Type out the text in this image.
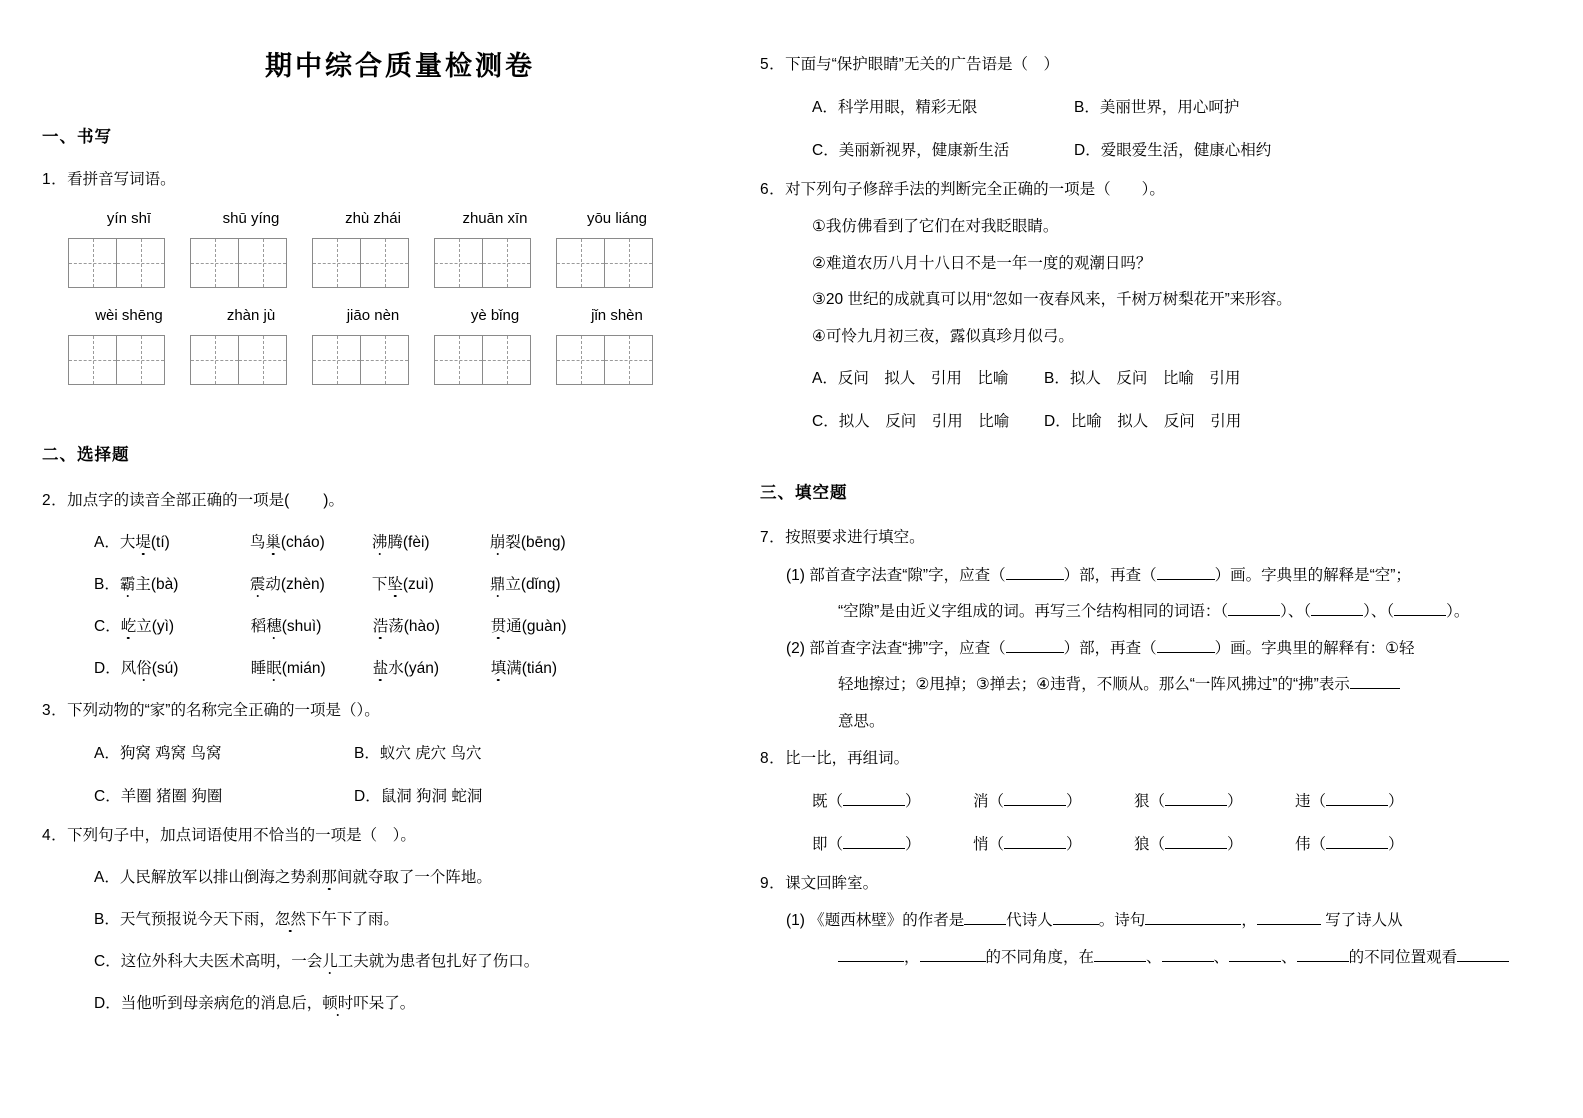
期中综合质量检测卷
一、书写
1．看拼音写词语。
yín shī	shū yíng	zhù zhái	zhuān xīn	yōu liáng
wèi shēng	zhàn jù	jiāo nèn	yè bǐng	jǐn shèn
二、选择题
2．加点字的读音全部正确的一项是( )。
A．大堤(tí)	鸟巢(cháo)	沸腾(fèi)	崩裂(bēng)
B．霸主(bà)	震动(zhèn)	下坠(zuì)	鼎立(dǐng)
C．屹立(yì)	稻穗(shuì)	浩荡(hào)	贯通(guàn)
D．风俗(sú)	睡眠(mián)	盐水(yán)	填满(tián)
3．下列动物的“家”的名称完全正确的一项是（）。
A．狗窝 鸡窝 鸟窝	B．蚁穴 虎穴 鸟穴
C．羊圈 猪圈 狗圈	D．鼠洞 狗洞 蛇洞
4．下列句子中，加点词语使用不恰当的一项是（　）。
A．人民解放军以排山倒海之势刹那间就夺取了一个阵地。
B．天气预报说今天下雨，忽然下午下了雨。
C．这位外科大夫医术高明，一会儿工夫就为患者包扎好了伤口。
D．当他听到母亲病危的消息后，顿时吓呆了。
5．下面与“保护眼睛”无关的广告语是（　）
A．科学用眼，精彩无限	B．美丽世界，用心呵护
C．美丽新视界，健康新生活	D．爱眼爱生活，健康心相约
6．对下列句子修辞手法的判断完全正确的一项是（　　）。
①我仿佛看到了它们在对我眨眼睛。
②难道农历八月十八日不是一年一度的观潮日吗？
③20 世纪的成就真可以用“忽如一夜春风来，千树万树梨花开”来形容。
④可怜九月初三夜，露似真珍月似弓。
A．反问　拟人　引用　比喻 B．拟人　反问　比喻　引用
C．拟人　反问　引用　比喻 D．比喻　拟人　反问　引用
三、填空题
7．按照要求进行填空。
(1) 部首查字法查“隙”字，应查（	）部，再查（	）画。字典里的解释是“空”；
“空隙”是由近义字组成的词。再写三个结构相同的词语：（	）、（	）、（	）。
(2) 部首查字法查“拂”字，应查（	）部，再查（	）画。字典里的解释有：①轻
轻地擦过；②甩掉；③掸去；④违背，不顺从。那么“一阵风拂过”的“拂”表示
意思。
8．比一比，再组词。
既（	）	消（	）	狠（	）	违（	）
即（	）	悄（	）	狼（	）	伟（	）
9．课文回眸室。
(1) 《题西林壁》的作者是	代诗人	。诗句	，	写了诗人从
，	的不同角度，在	、	、	、	的不同位置观看
